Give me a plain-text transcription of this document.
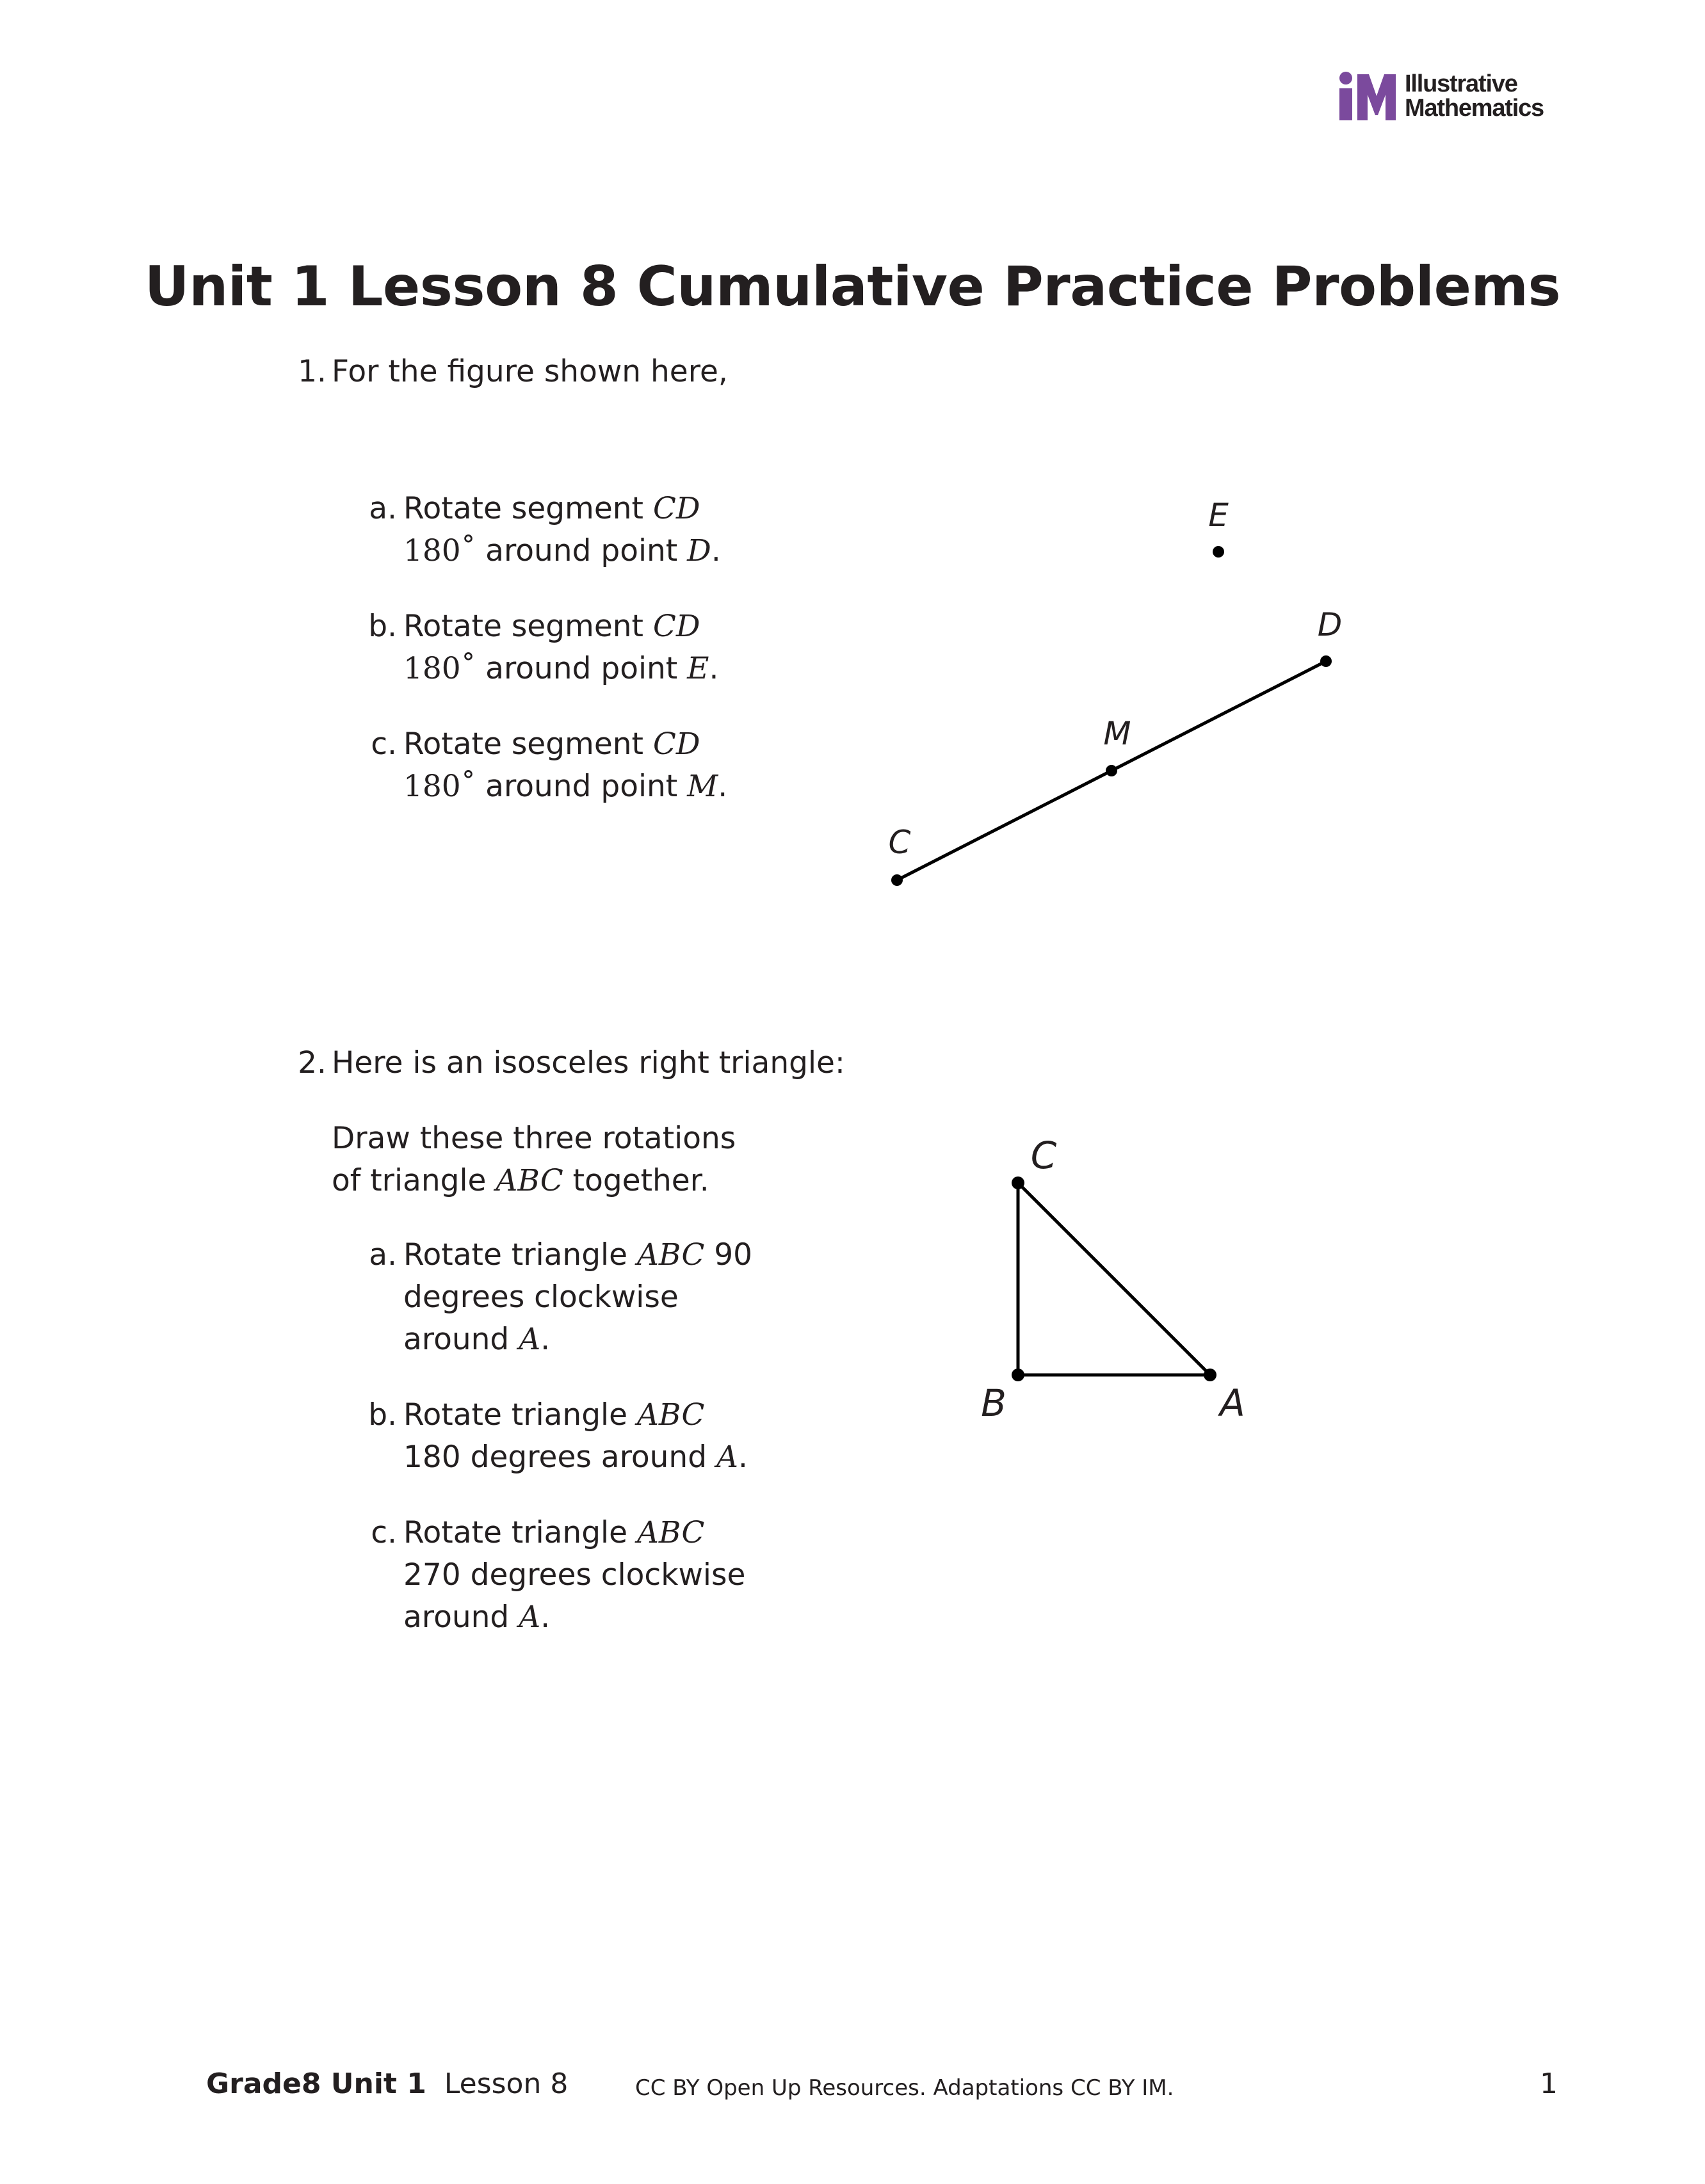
Illustrative
Mathematics
Unit 1 Lesson 8 Cumulative Practice Problems
1. For the figure shown here,
a. Rotate segment CD
180˚ around point D.
b. Rotate segment CD
180˚ around point E.
c. Rotate segment CD
180˚ around point M.
E
D
M
C
2. Here is an isosceles right triangle:
Draw these three rotations
of triangle ABC together.
a. Rotate triangle ABC 90
degrees clockwise
around A.
b. Rotate triangle ABC
180 degrees around A.
c. Rotate triangle ABC
270 degrees clockwise
around A.
C
B	A
Grade8 Unit 1 Lesson 8	CC BY Open Up Resources. Adaptations CC BY IM.	1
